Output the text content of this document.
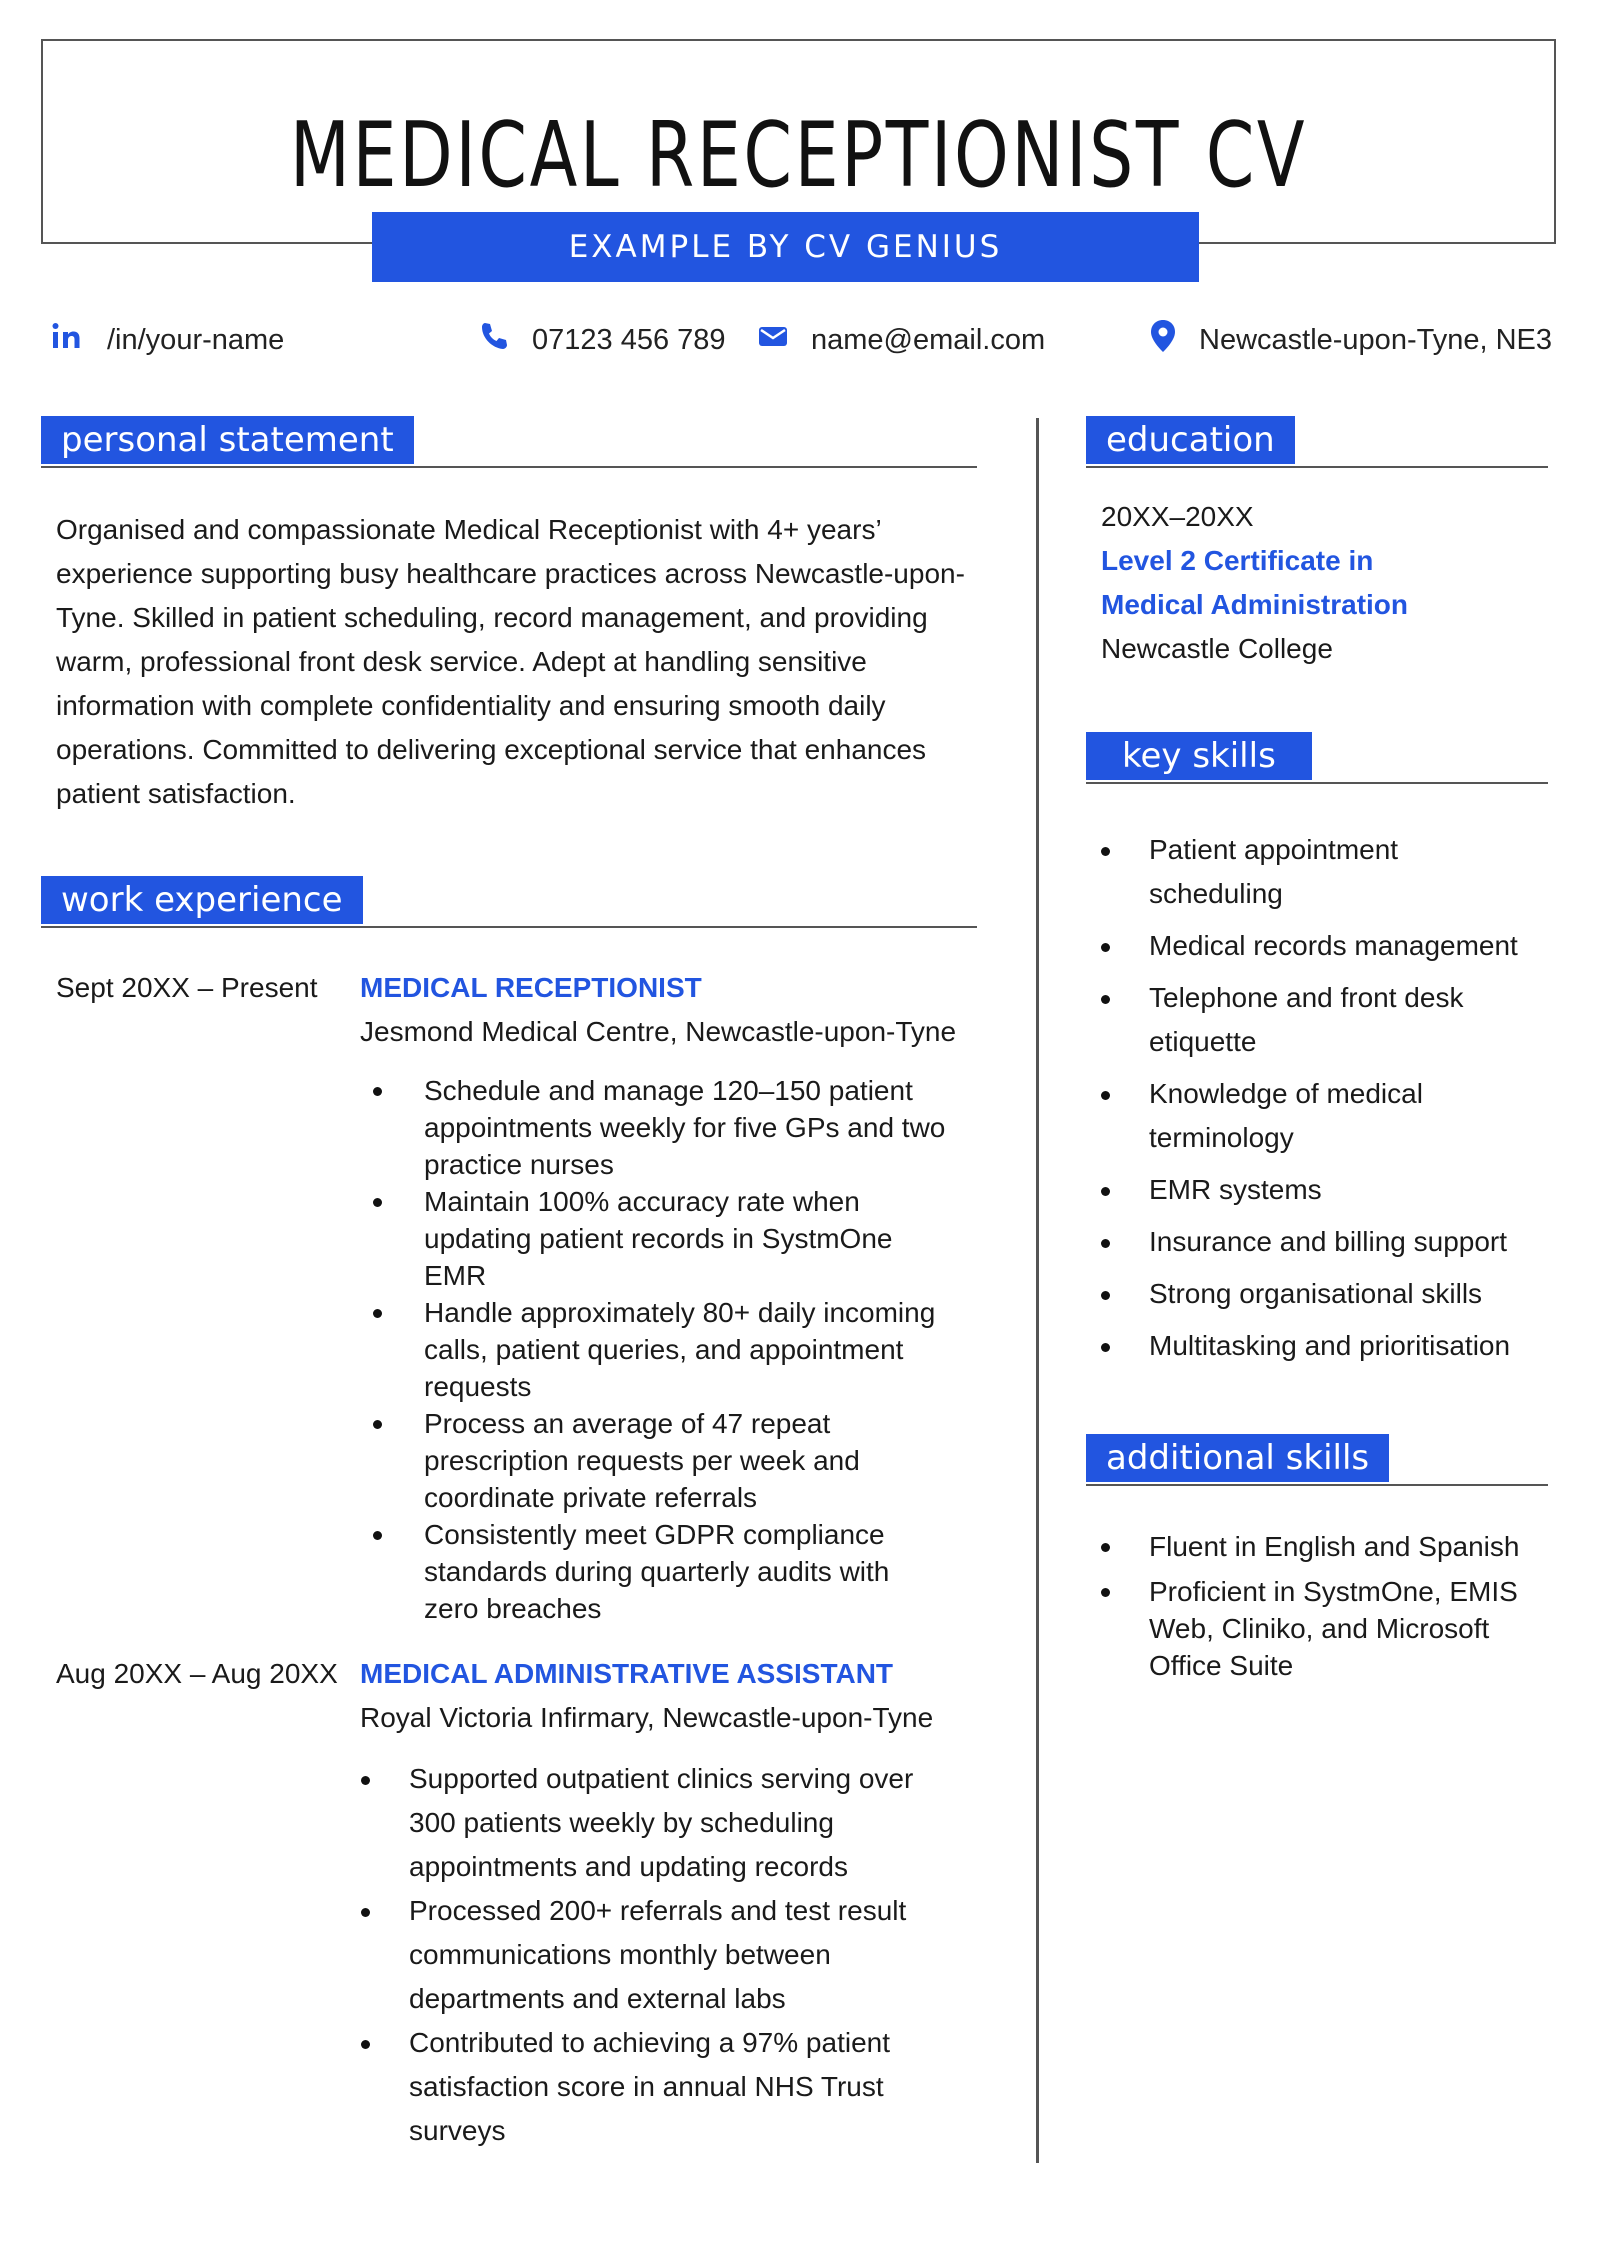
MEDICAL RECEPTIONIST CV
EXAMPLE BY CV GENIUS
/in/your-name	07123 456 789	name@email.com	Newcastle-upon-Tyne, NE3
personal statement
Organised and compassionate Medical Receptionist with 4+ years’
experience supporting busy healthcare practices across Newcastle-upon-
Tyne. Skilled in patient scheduling, record management, and providing
warm, professional front desk service. Adept at handling sensitive
information with complete confidentiality and ensuring smooth daily
operations. Committed to delivering exceptional service that enhances
patient satisfaction.
work experience
Sept 20XX – Present MEDICAL RECEPTIONIST
Jesmond Medical Centre, Newcastle-upon-Tyne
Schedule and manage 120–150 patient
appointments weekly for five GPs and two
practice nurses
Maintain 100% accuracy rate when
updating patient records in SystmOne
EMR
Handle approximately 80+ daily incoming
calls, patient queries, and appointment
requests
Process an average of 47 repeat
prescription requests per week and
coordinate private referrals
Consistently meet GDPR compliance
standards during quarterly audits with
zero breaches
Aug 20XX – Aug 20XX MEDICAL ADMINISTRATIVE ASSISTANT
Royal Victoria Infirmary, Newcastle-upon-Tyne
Supported outpatient clinics serving over
300 patients weekly by scheduling
appointments and updating records
Processed 200+ referrals and test result
communications monthly between
departments and external labs
Contributed to achieving a 97% patient
satisfaction score in annual NHS Trust
surveys
education
20XX–20XX
Level 2 Certificate in
Medical Administration
Newcastle College
key skills
Patient appointment
scheduling
Medical records management
Telephone and front desk
etiquette
Knowledge of medical
terminology
EMR systems
Insurance and billing support
Strong organisational skills
Multitasking and prioritisation
additional skills
Fluent in English and Spanish
Proficient in SystmOne, EMIS
Web, Cliniko, and Microsoft
Office Suite
